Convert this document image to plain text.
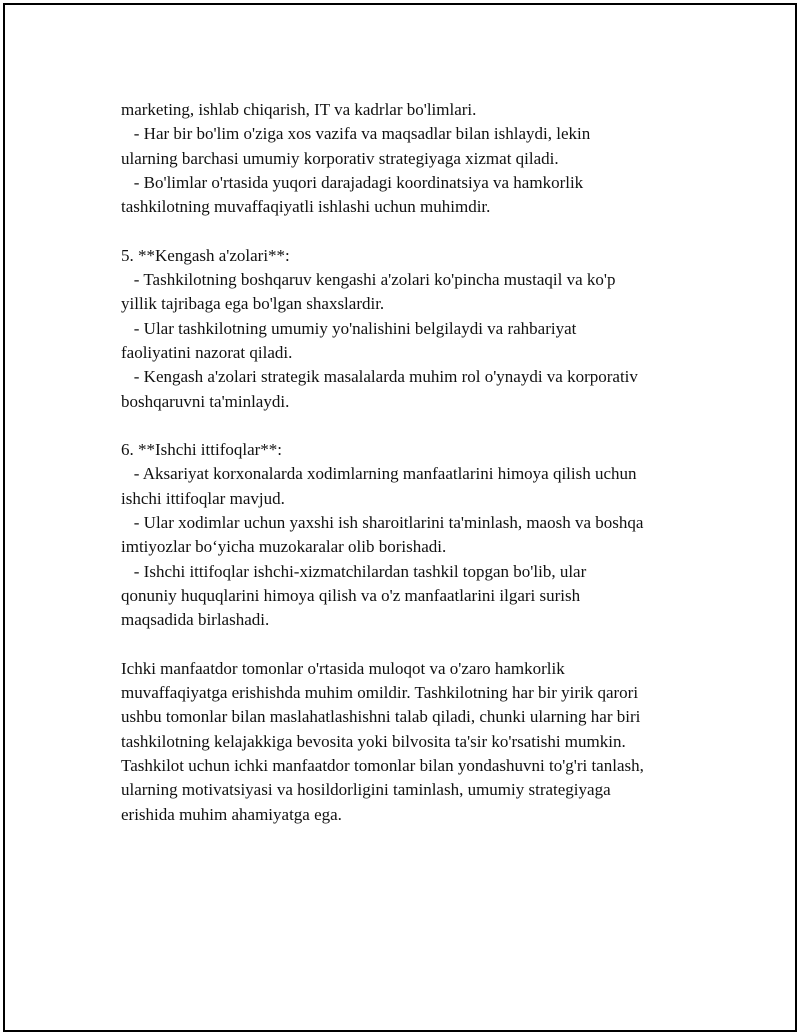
marketing, ishlab chiqarish, IT va kadrlar bo'limlari.
- Har bir bo'lim o'ziga xos vazifa va maqsadlar bilan ishlaydi, lekin
ularning barchasi umumiy korporativ strategiyaga xizmat qiladi.
- Bo'limlar o'rtasida yuqori darajadagi koordinatsiya va hamkorlik
tashkilotning muvaffaqiyatli ishlashi uchun muhimdir.
5. **Kengash a'zolari**:
- Tashkilotning boshqaruv kengashi a'zolari ko'pincha mustaqil va ko'p
yillik tajribaga ega bo'lgan shaxslardir.
- Ular tashkilotning umumiy yo'nalishini belgilaydi va rahbariyat
faoliyatini nazorat qiladi.
- Kengash a'zolari strategik masalalarda muhim rol o'ynaydi va korporativ
boshqaruvni ta'minlaydi.
6. **Ishchi ittifoqlar**:
- Aksariyat korxonalarda xodimlarning manfaatlarini himoya qilish uchun
ishchi ittifoqlar mavjud.
- Ular xodimlar uchun yaxshi ish sharoitlarini ta'minlash, maosh va boshqa
imtiyozlar bo‘yicha muzokaralar olib borishadi.
- Ishchi ittifoqlar ishchi-xizmatchilardan tashkil topgan bo'lib, ular
qonuniy huquqlarini himoya qilish va o'z manfaatlarini ilgari surish
maqsadida birlashadi.
Ichki manfaatdor tomonlar o'rtasida muloqot va o'zaro hamkorlik
muvaffaqiyatga erishishda muhim omildir. Tashkilotning har bir yirik qarori
ushbu tomonlar bilan maslahatlashishni talab qiladi, chunki ularning har biri
tashkilotning kelajakkiga bevosita yoki bilvosita ta'sir ko'rsatishi mumkin.
Tashkilot uchun ichki manfaatdor tomonlar bilan yondashuvni to'g'ri tanlash,
ularning motivatsiyasi va hosildorligini taminlash, umumiy strategiyaga
erishida muhim ahamiyatga ega.
